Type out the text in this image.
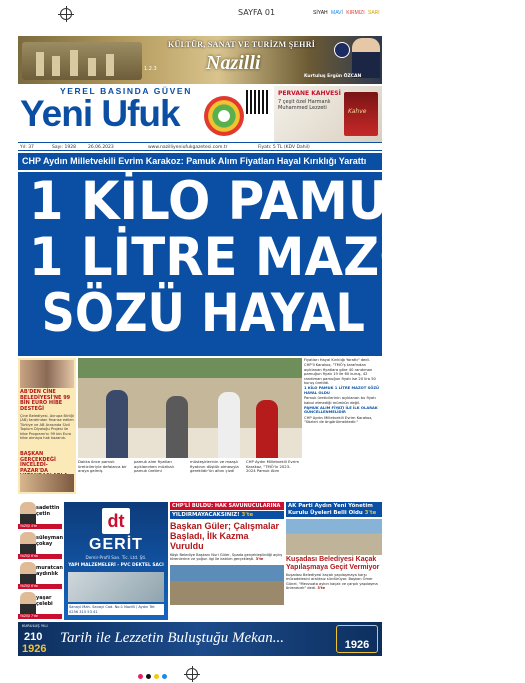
SAYFA 01	SİYAH MAVİ KIRMIZI SARI
1.2.3
KÜLTÜR, SANAT VE TURİZM ŞEHRİ
Nazilli
Kurtuluş Ergün ÖZCAN
YEREL BASINDA GÜVEN
Yeni Ufuk	PERVANE KAHVESİ
7 çeşit özel Harmanlı Muhammed Lezzeti
Kahve
Yıl: 37	Sayı: 1928	26.06.2023	www.nazilliyeniufukgazetesi.com.tr	Fiyatı: 5 TL (KDV Dahil)
CHP Aydın Milletvekili Evrim Karakoz: Pamuk Alım Fiyatları Hayal Kırıklığı Yarattı
1 KİLO PAMUK
1 LİTRE MAZOT
SÖZÜ HAYAL OLDU
AB'DEN CİNE BELEDİYESİ'NE 99 BİN EURO HİBE DESTEĞİ
Çine Belediyesi, Avrupa Birliği (AB) tarafından finanse edilen Türkiye ve AB Arasında Sivil Toplum Diyaloğu Projesi ile hibe Programı'nı 99 bin Euro hibe almaya hak kazandı.
BAŞKAN GERÇEKDEĞİ İNCELEDİ-PAZAR'DA

Dakka önce pamuk üreticileriyle defalarca bir araya gelmiş

pamuk alım fiyatları açıklanırken müzikalı pamuk üretimi

müsteşirlerinin ve maaşlı fiyatının düştük olmasıyla gereklidir'ün altını çizdi

CHP Aydın Milletvekili Evrim Karakoz, "TMÖ'in 2023-2024 Pamuk Alım

Fiyatları Hayal Kırıklığı Yarattı" dedi.

CHP'li Karakoz, "TMÖ'ş tarafından açıklanan fiyatlara göre 40 randıman pamuğun fiyatı 19 ile 60 kuruş, 42 randıman pamuğun fiyatı ise 20 lira 50 kuruş üretildi.

1 KİLO PAMUK 1 LİTRE MAZOT SÖZÜ HAYAL OLDU

Pamuk üreticilerinin açıklanan bu fiyatı kabul etmediği mümkün değil.

PAMUK ALIM FİYATI İLE İLK OLARAK GÜNCELLENMELİDİR

CHP Aydın Milletvekili Evrim Karakoz, "Sözleri de öngörülmektedir."

sadettin çetin
YAZIŞI 4'te
süleyman çokay
YAZIŞI 6'da
muratcan aydınlık
YAZIŞI 6'da
yaşar çelebi
YAZIŞI 7'de
dt
GERİT
Demir-Profil San. Tic. Ltd. Şti.
YAPI MALZEMELERİ - PVC DEKTEL SACI
Sanayi Mah. Sanayi Cad. No:1 Nazilli / Aydın Tel: 0256 315 53 41
CHP'Lİ BULDU: HAK SAVUNUCULARINA
YILDIRMAYACAKSINIZ! 3'te
Başkan Güler; Çalışmalar Başladı, İlk Kazma Vuruldu
Köşk Belediye Başkanı Nuri Güler, Spada gerçekleştirdiği açılış törenlerine ve yoğun ilgi ile katılım gerçekleşti. 3'te
AK Parti Aydın Yeni Yönetim Kurulu Üyeleri Belli Oldu 3'te
Kuşadası Belediyesi Kaçak Yapılaşmaya Geçit Vermiyor
Kuşadası Belediyesi kaçak yapılaşmaya karşı mücadelesini aralıksız sürdürüyor. Başkan Ömer Günel, "Mevzuata aykırı kaçak ve çarpık yapılaşma önlenecek" dedi. 3'te
KURULUŞ YILI
210
1926
Tarih ile Lezzetin Buluştuğu Mekan...	1926
